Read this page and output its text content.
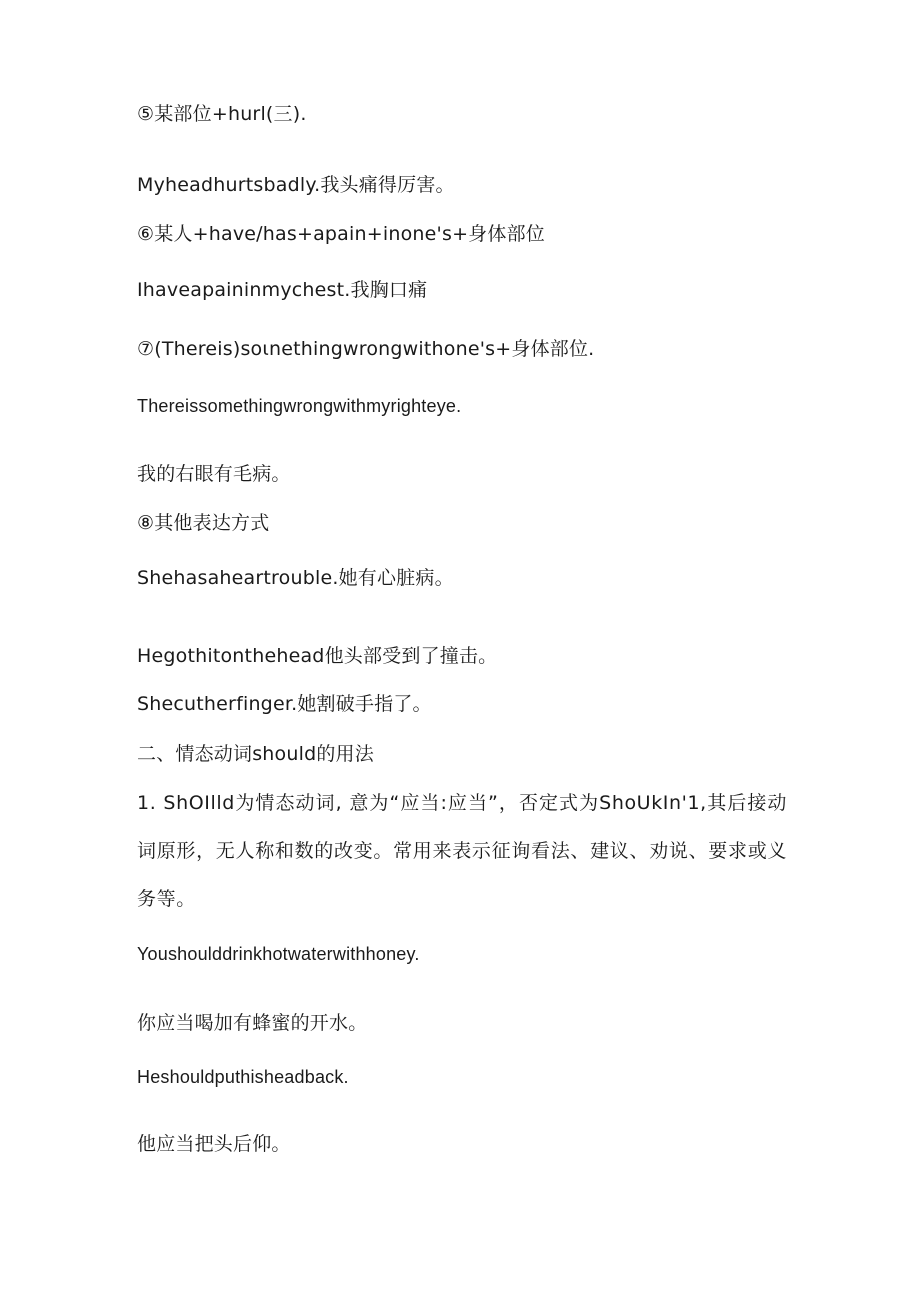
⑤某部位+hurl(三).
Myheadhurtsbadly.我头痛得厉害。
⑥某人+have∕has+apain+inone's+身体部位
Ihaveapaininmychest.我胸口痛
⑦(Thereis)soιnethingwrongwithone's+身体部位.
Thereissomethingwrongwithmyrighteye.
我的右眼有毛病。
⑧其他表达方式
Shehasaheartrouble.她有心脏病。
Hegothitonthehead他头部受到了撞击。
Shecutherfinger.她割破手指了。
二、情态动词should的用法
1. ShOIlld为情态动词, 意为“应当:应当”，否定式为ShoUkIn'1,其后接动词原形，无人称和数的改变。常用来表示征询看法、建议、劝说、要求或义务等。
Youshoulddrinkhotwaterwithhoney.
你应当喝加有蜂蜜的开水。
Heshouldputhisheadback.
他应当把头后仰。
